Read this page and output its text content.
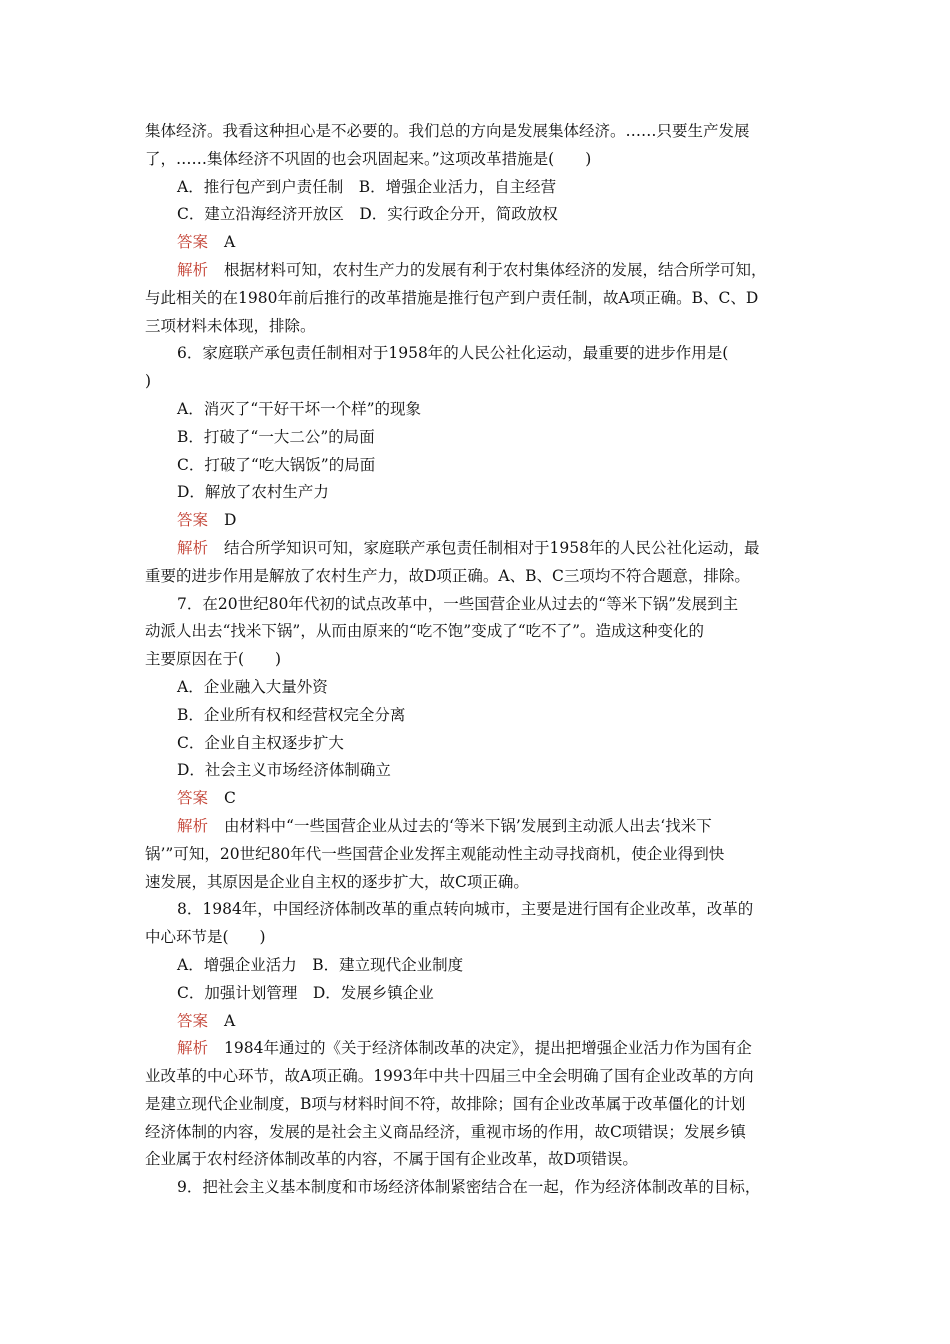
集体经济。我看这种担心是不必要的。我们总的方向是发展集体经济。……只要生产发展
了，……集体经济不巩固的也会巩固起来。”这项改革措施是(　　)
A．推行包产到户责任制　B．增强企业活力，自主经营
C．建立沿海经济开放区　D．实行政企分开，简政放权
答案 A
解析 根据材料可知，农村生产力的发展有利于农村集体经济的发展，结合所学可知，
与此相关的在1980年前后推行的改革措施是推行包产到户责任制，故A项正确。B、C、D
三项材料未体现，排除。
6．家庭联产承包责任制相对于1958年的人民公社化运动，最重要的进步作用是(
)
A．消灭了“干好干坏一个样”的现象
B．打破了“一大二公”的局面
C．打破了“吃大锅饭”的局面
D．解放了农村生产力
答案 D
解析 结合所学知识可知，家庭联产承包责任制相对于1958年的人民公社化运动，最
重要的进步作用是解放了农村生产力，故D项正确。A、B、C三项均不符合题意，排除。
7．在20世纪80年代初的试点改革中，一些国营企业从过去的“等米下锅”发展到主
动派人出去“找米下锅”，从而由原来的“吃不饱”变成了“吃不了”。造成这种变化的
主要原因在于(　　)
A．企业融入大量外资
B．企业所有权和经营权完全分离
C．企业自主权逐步扩大
D．社会主义市场经济体制确立
答案 C
解析 由材料中“一些国营企业从过去的‘等米下锅’发展到主动派人出去‘找米下
锅’”可知，20世纪80年代一些国营企业发挥主观能动性主动寻找商机，使企业得到快
速发展，其原因是企业自主权的逐步扩大，故C项正确。
8．1984年，中国经济体制改革的重点转向城市，主要是进行国有企业改革，改革的
中心环节是(　　)
A．增强企业活力　B．建立现代企业制度
C．加强计划管理　D．发展乡镇企业
答案 A
解析 1984年通过的《关于经济体制改革的决定》，提出把增强企业活力作为国有企
业改革的中心环节，故A项正确。1993年中共十四届三中全会明确了国有企业改革的方向
是建立现代企业制度，B项与材料时间不符，故排除；国有企业改革属于改革僵化的计划
经济体制的内容，发展的是社会主义商品经济，重视市场的作用，故C项错误；发展乡镇
企业属于农村经济体制改革的内容，不属于国有企业改革，故D项错误。
9．把社会主义基本制度和市场经济体制紧密结合在一起，作为经济体制改革的目标，
